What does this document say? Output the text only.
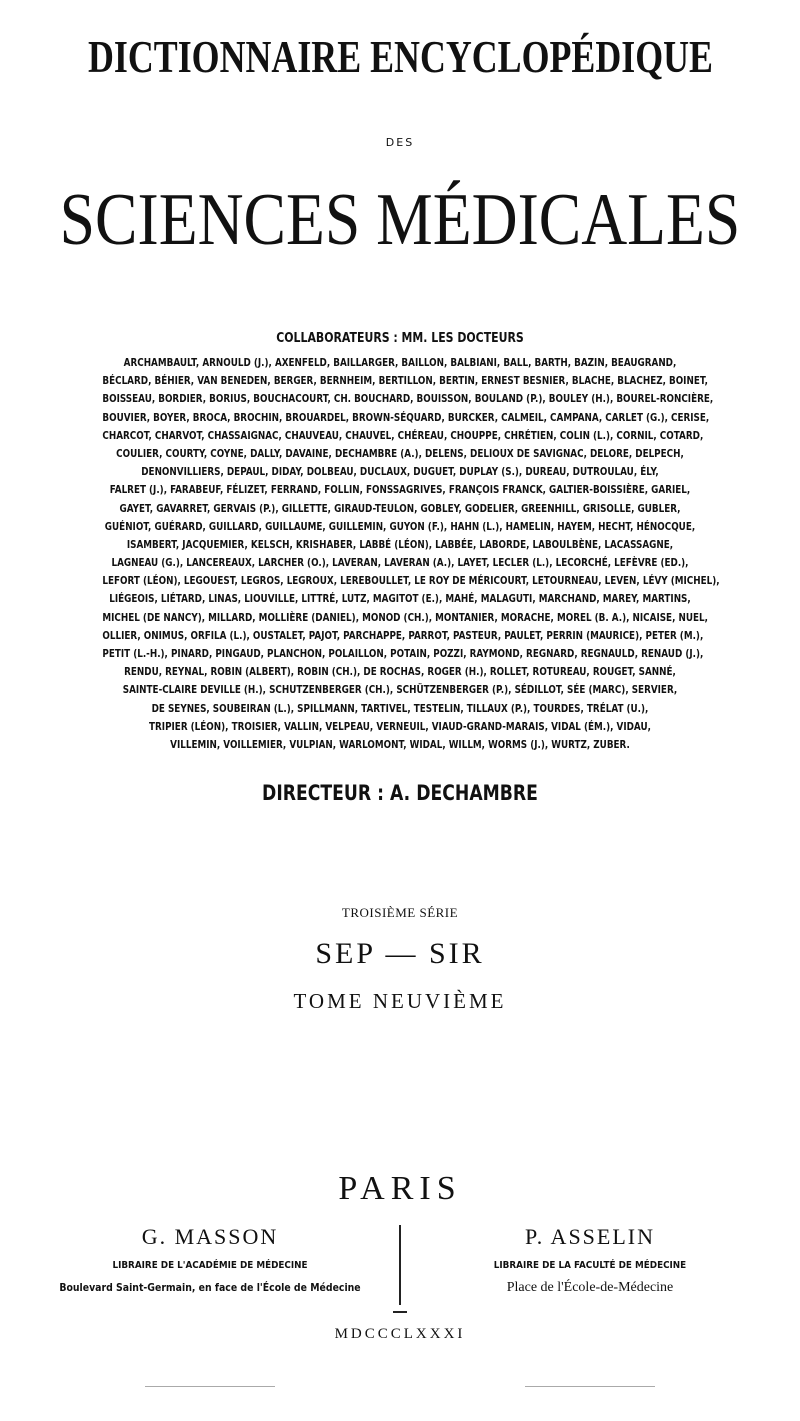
DICTIONNAIRE ENCYCLOPÉDIQUE
DES
SCIENCES MÉDICALES
COLLABORATEURS : MM. LES DOCTEURS
ARCHAMBAULT, ARNOULD (J.), AXENFELD, BAILLARGER, BAILLON, BALBIANI, BALL, BARTH, BAZIN, BEAUGRAND,
BÉCLARD, BÉHIER, VAN BENEDEN, BERGER, BERNHEIM, BERTILLON, BERTIN, ERNEST BESNIER, BLACHE, BLACHEZ, BOINET,
BOISSEAU, BORDIER, BORIUS, BOUCHACOURT, CH. BOUCHARD, BOUISSON, BOULAND (P.), BOULEY (H.), BOUREL-RONCIÈRE,
BOUVIER, BOYER, BROCA, BROCHIN, BROUARDEL, BROWN-SÉQUARD, BURCKER, CALMEIL, CAMPANA, CARLET (G.), CERISE,
CHARCOT, CHARVOT, CHASSAIGNAC, CHAUVEAU, CHAUVEL, CHÉREAU, CHOUPPE, CHRÉTIEN, COLIN (L.), CORNIL, COTARD,
COULIER, COURTY, COYNE, DALLY, DAVAINE, DECHAMBRE (A.), DELENS, DELIOUX DE SAVIGNAC, DELORE, DELPECH,
DENONVILLIERS, DEPAUL, DIDAY, DOLBEAU, DUCLAUX, DUGUET, DUPLAY (S.), DUREAU, DUTROULAU, ÉLY,
FALRET (J.), FARABEUF, FÉLIZET, FERRAND, FOLLIN, FONSSAGRIVES, FRANÇOIS FRANCK, GALTIER-BOISSIÈRE, GARIEL,
GAYET, GAVARRET, GERVAIS (P.), GILLETTE, GIRAUD-TEULON, GOBLEY, GODELIER, GREENHILL, GRISOLLE, GUBLER,
GUÉNIOT, GUÉRARD, GUILLARD, GUILLAUME, GUILLEMIN, GUYON (F.), HAHN (L.), HAMELIN, HAYEM, HECHT, HÉNOCQUE,
ISAMBERT, JACQUEMIER, KELSCH, KRISHABER, LABBÉ (LÉON), LABBÉE, LABORDE, LABOULBÈNE, LACASSAGNE,
LAGNEAU (G.), LANCEREAUX, LARCHER (O.), LAVERAN, LAVERAN (A.), LAYET, LECLER (L.), LECORCHÉ, LEFÈVRE (ED.),
LEFORT (LÉON), LEGOUEST, LEGROS, LEGROUX, LEREBOULLET, LE ROY DE MÉRICOURT, LETOURNEAU, LEVEN, LÉVY (MICHEL),
LIÉGEOIS, LIÉTARD, LINAS, LIOUVILLE, LITTRÉ, LUTZ, MAGITOT (E.), MAHÉ, MALAGUTI, MARCHAND, MAREY, MARTINS,
MICHEL (DE NANCY), MILLARD, MOLLIÈRE (DANIEL), MONOD (CH.), MONTANIER, MORACHE, MOREL (B. A.), NICAISE, NUEL,
OLLIER, ONIMUS, ORFILA (L.), OUSTALET, PAJOT, PARCHAPPE, PARROT, PASTEUR, PAULET, PERRIN (MAURICE), PETER (M.),
PETIT (L.-H.), PINARD, PINGAUD, PLANCHON, POLAILLON, POTAIN, POZZI, RAYMOND, REGNARD, REGNAULD, RENAUD (J.),
RENDU, REYNAL, ROBIN (ALBERT), ROBIN (CH.), DE ROCHAS, ROGER (H.), ROLLET, ROTUREAU, ROUGET, SANNÉ,
SAINTE-CLAIRE DEVILLE (H.), SCHUTZENBERGER (CH.), SCHÜTZENBERGER (P.), SÉDILLOT, SÉE (MARC), SERVIER,
DE SEYNES, SOUBEIRAN (L.), SPILLMANN, TARTIVEL, TESTELIN, TILLAUX (P.), TOURDES, TRÉLAT (U.),
TRIPIER (LÉON), TROISIER, VALLIN, VELPEAU, VERNEUIL, VIAUD-GRAND-MARAIS, VIDAL (ÉM.), VIDAU,
VILLEMIN, VOILLEMIER, VULPIAN, WARLOMONT, WIDAL, WILLM, WORMS (J.), WURTZ, ZUBER.
DIRECTEUR : A. DECHAMBRE
TROISIÈME SÉRIE
SEP — SIR
TOME NEUVIÈME
PARIS
G. MASSON
LIBRAIRE DE L'ACADÉMIE DE MÉDECINE
Boulevard Saint-Germain, en face de l'École de Médecine
P. ASSELIN
LIBRAIRE DE LA FACULTÉ DE MÉDECINE
Place de l'École-de-Médecine
MDCCCLXXXI
